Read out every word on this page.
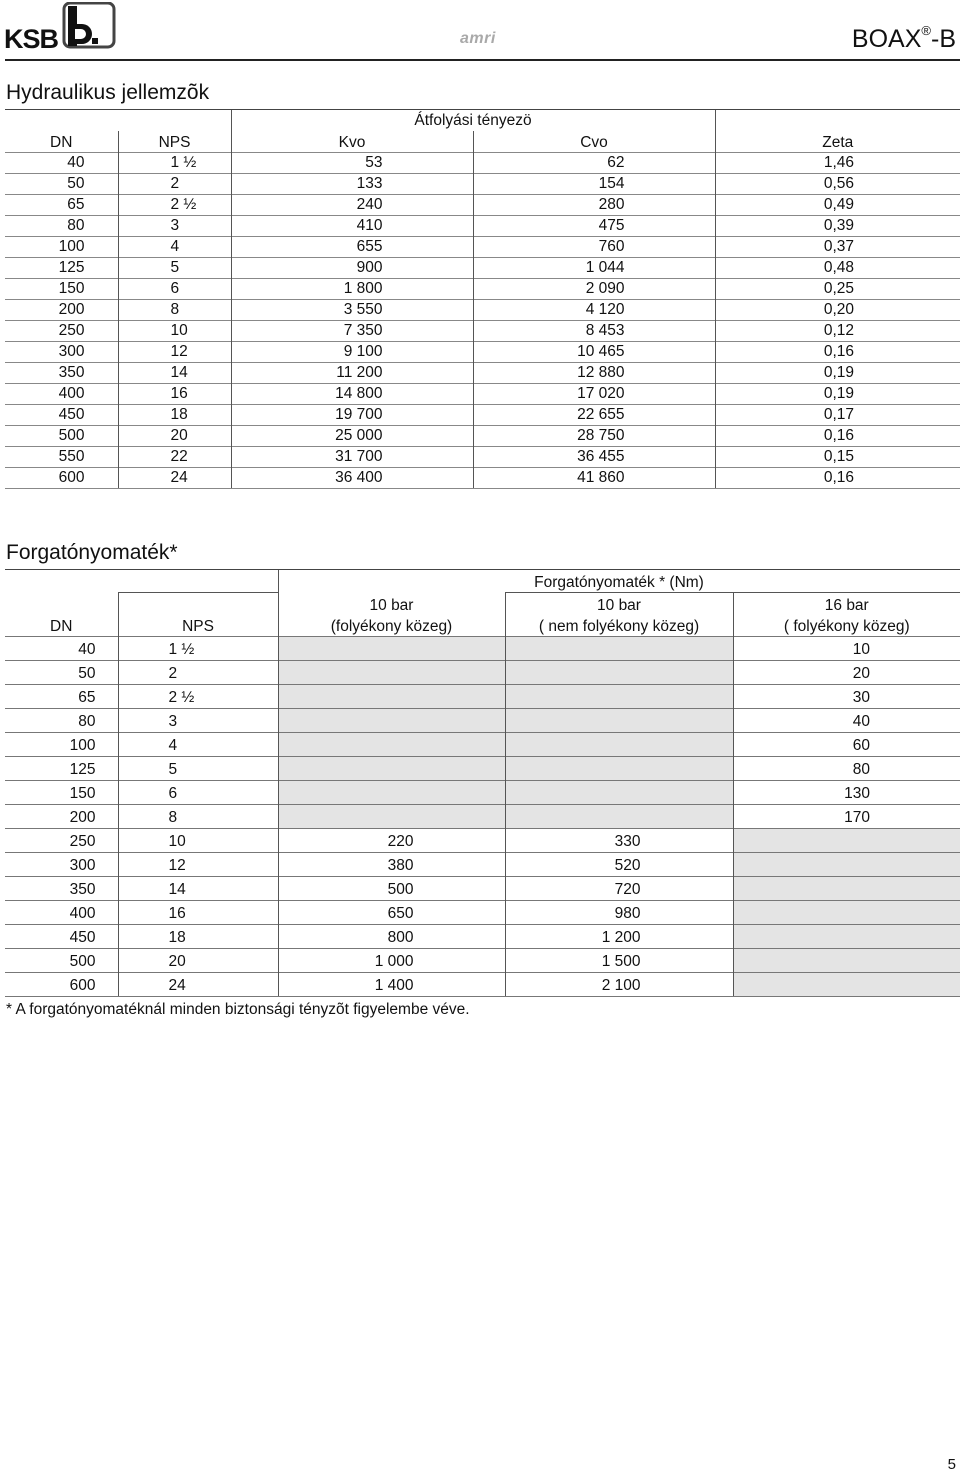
KSB	amri	BOAX®-B
Hydraulikus jellemzõk
		Átfolyási tényezö		
DN	NPS	Kvo	Cvo	Zeta
40	1 ½	53	62	1,46
50	2	133	154	0,56
65	2 ½	240	280	0,49
80	3	410	475	0,39
100	4	655	760	0,37
125	5	900	1 044	0,48
150	6	1 800	2 090	0,25
200	8	3 550	4 120	0,20
250	10	7 350	8 453	0,12
300	12	9 100	10 465	0,16
350	14	11 200	12 880	0,19
400	16	14 800	17 020	0,19
450	18	19 700	22 655	0,17
500	20	25 000	28 750	0,16
550	22	31 700	36 455	0,15
600	24	36 400	41 860	0,16
Forgatónyomaték*
			Forgatónyomaték * (Nm)	
		10 bar	10 bar	16 bar
DN	NPS	(folyékony közeg)	( nem folyékony közeg)	( folyékony közeg)
40	1 ½			10
50	2			20
65	2 ½			30
80	3			40
100	4			60
125	5			80
150	6			130
200	8			170
250	10	220	330	
300	12	380	520	
350	14	500	720	
400	16	650	980	
450	18	800	1 200	
500	20	1 000	1 500	
600	24	1 400	2 100	
* A forgatónyomatéknál minden biztonsági tényzõt figyelembe véve.
5
